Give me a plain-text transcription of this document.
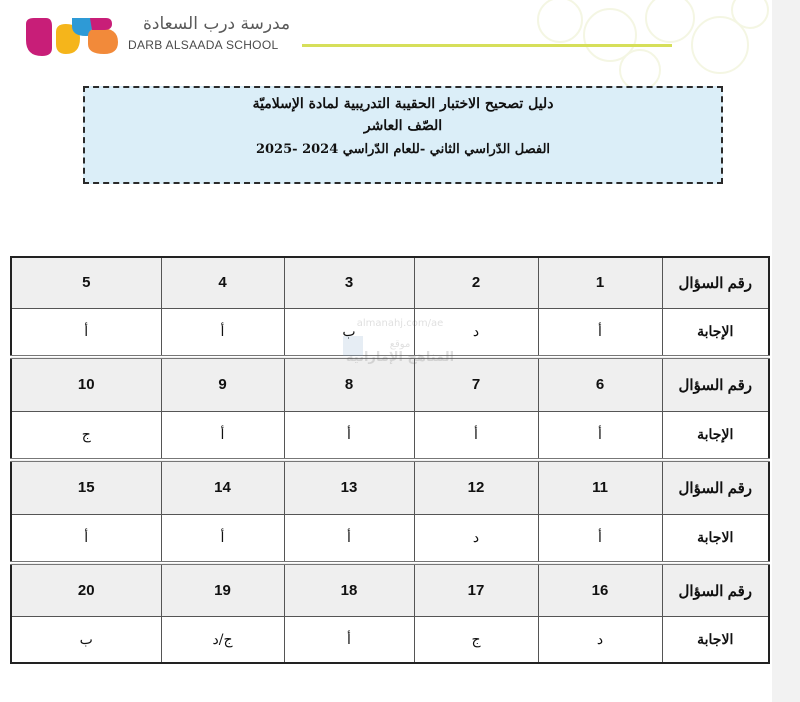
مدرسة درب السعادة
DARB ALSAADA SCHOOL
دليل تصحيح الاختبار الحقيبة التدريبية لمادة الإسلاميّة
الصّف العاشر
الفصل الدّراسي الثاني -للعام الدّراسي 2024 -2025
5	4	3	2	1	رقم السؤال
أ	أ	ب	د	أ	الإجابة
10	9	8	7	6	رقم السؤال
ج	أ	أ	أ	أ	الإجابة
15	14	13	12	11	رقم السؤال
أ	أ	أ	د	أ	الاجابة
20	19	18	17	16	رقم السؤال
ب	ج/د	أ	ج	د	الاجابة
almanahj.com/ae
موقع
المناهج الإماراتية
